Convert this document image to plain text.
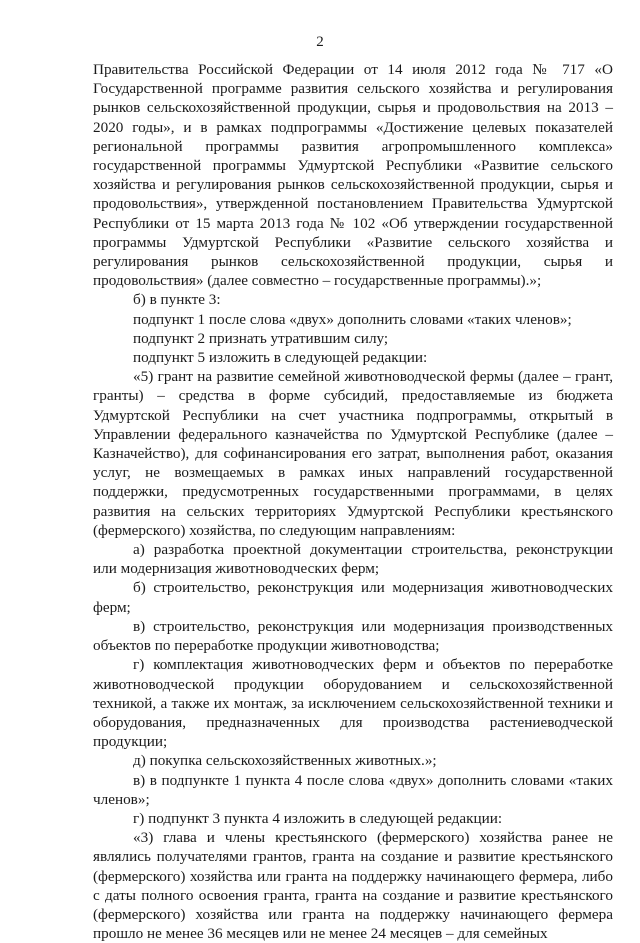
2

Правительства Российской Федерации от 14 июля 2012 года № 717 «О Государственной программе развития сельского хозяйства и регулирования рынков сельскохозяйственной продукции, сырья и продовольствия на 2013 – 2020 годы», и в рамках подпрограммы «Достижение целевых показателей региональной программы развития агропромышленного комплекса» государственной программы Удмуртской Республики «Развитие сельского хозяйства и регулирования рынков сельскохозяйственной продукции, сырья и продовольствия», утвержденной постановлением Правительства Удмуртской Республики от 15 марта 2013 года № 102 «Об утверждении государственной программы Удмуртской Республики «Развитие сельского хозяйства и регулирования рынков сельскохозяйственной продукции, сырья и продовольствия» (далее совместно – государственные программы).»;

б) в пункте 3:

подпункт 1 после слова «двух» дополнить словами «таких членов»;

подпункт 2 признать утратившим силу;

подпункт 5 изложить в следующей редакции:

«5) грант на развитие семейной животноводческой фермы (далее – грант, гранты) – средства в форме субсидий, предоставляемые из бюджета Удмуртской Республики на счет участника подпрограммы, открытый в Управлении федерального казначейства по Удмуртской Республике (далее – Казначейство), для софинансирования его затрат, выполнения работ, оказания услуг, не возмещаемых в рамках иных направлений государственной поддержки, предусмотренных государственными программами, в целях развития на сельских территориях Удмуртской Республики крестьянского (фермерского) хозяйства, по следующим направлениям:

а) разработка проектной документации строительства, реконструкции или модернизация животноводческих ферм;

б) строительство, реконструкция или модернизация животноводческих ферм;

в) строительство, реконструкция или модернизация производственных объектов по переработке продукции животноводства;

г) комплектация животноводческих ферм и объектов по переработке животноводческой продукции оборудованием и сельскохозяйственной техникой, а также их монтаж, за исключением сельскохозяйственной техники и оборудования, предназначенных для производства растениеводческой продукции;

д) покупка сельскохозяйственных животных.»;

в) в подпункте 1 пункта 4 после слова «двух» дополнить словами «таких членов»;

г) подпункт 3 пункта 4 изложить в следующей редакции:

«3) глава и члены крестьянского (фермерского) хозяйства ранее не являлись получателями грантов, гранта на создание и развитие крестьянского (фермерского) хозяйства или гранта на поддержку начинающего фермера, либо с даты полного освоения гранта, гранта на создание и развитие крестьянского (фермерского) хозяйства или гранта на поддержку начинающего фермера прошло не менее 36 месяцев или не менее 24 месяцев – для семейных
